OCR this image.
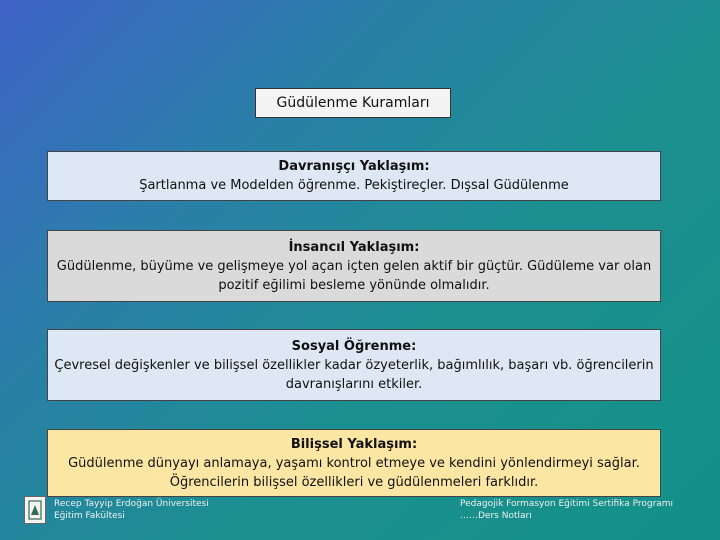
Güdülenme Kuramları
Davranışçı Yaklaşım:
Şartlanma ve Modelden öğrenme. Pekiştireçler. Dışsal Güdülenme
İnsancıl Yaklaşım:
Güdülenme, büyüme ve gelişmeye yol açan içten gelen aktif bir güçtür. Güdüleme var olan pozitif eğilimi besleme yönünde olmalıdır.
Sosyal Öğrenme:
Çevresel değişkenler ve bilişsel özellikler kadar özyeterlik, bağımlılık, başarı vb. öğrencilerin davranışlarını etkiler.
Bilişsel Yaklaşım:
Güdülenme dünyayı anlamaya, yaşamı kontrol etmeye ve kendini yönlendirmeyi sağlar. Öğrencilerin bilişsel özellikleri ve güdülenmeleri farklıdır.
Recep Tayyip Erdoğan Üniversitesi
Eğitim Fakültesi
Pedagojik Formasyon Eğitimi Sertifika Programı
……Ders Notları
